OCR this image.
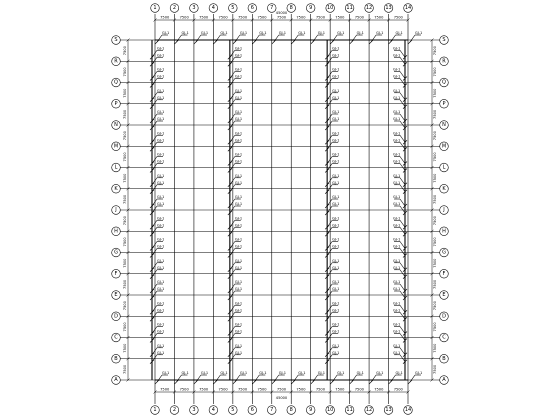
7500	7500	7500	7500	7500	7500	7500	7500	7500	7500	7500	7500	7500
7500	7500	7500	7500	7500	7500	7500	7500	7500	7500	7500	7500	7500
45000
45000
7500
7500
7500
7500
7500
7500
7500
7500
7500
7500
7500
7500
7500
7500
7500
7500
7500
7500
7500
7500
7500
7500
7500
7500
7500
7500
7500
7500
7500
7500
7500
7500
1
1
2
2
3
3
4
4
5
5
6
6
7
7
8
8
9
9
10
10
11
11
12
12
13
13
14
14
A	A
B	B
C	C
D	D
E	E
F	F
G	G
H	H
J	J
K	K
L	L
M	M
N	N
P	P
Q	Q
R	R
S	S
GJ-1
GJ-1
GJ-1
GJ-1
GJ-1
GJ-1
GJ-1
GJ-1
GJ-1
GJ-1
GJ-1
GJ-1
GJ-1
GJ-1
GJ-1
GJ-1
GJ-1
GJ-1
GJ-1
GJ-1
GJ-1
GJ-1
GJ-1
GJ-1
GJ-1
GJ-1
GJ-1
GJ-1
GJ-1
GJ-1
GJ-1
GJ-1
GJ-1
GJ-1
GJ-1
GJ-1
GJ-1
GJ-1
GJ-1
GJ-1
GJ-1
GJ-1
GJ-1
GJ-1
GJ-1
GJ-1
GJ-1
GJ-1
GJ-1
GJ-1
GJ-1
GJ-1
GJ-1
GJ-1
GJ-1
GJ-1
GJ-1
GJ-1
GJ-1
GJ-1
GJ-1
GJ-1
GJ-1
GJ-1
GJ-1
GJ-1
GJ-1
GJ-1
GJ-1
GJ-1
GJ-1
GJ-1
GJ-1
GJ-1
GJ-1
GJ-1
GJ-1
GJ-1
GJ-1
GJ-1
GJ-1
GJ-1
GJ-1
GJ-1
GJ-1
GJ-1
GJ-1
GJ-1
GJ-1
GJ-1
GJ-1
GJ-1
GJ-1
GJ-1
GJ-1
GJ-1
GJ-1
GJ-1
GJ-1
GJ-1
GJ-1
GJ-1
GJ-1
GJ-1
GJ-1
GJ-1
GJ-1
GJ-1
GJ-1
GJ-1
GJ-1
GJ-1
GJ-1
GJ-1
GJ-1
GJ-1
GJ-1
GJ-1
GJ-1
GJ-1
GJ-1
GJ-1
GJ-1
GJ-1
GJ-1
GJ-1
GJ-1
GJ-1
GJ-1
GJ-1
GJ-1
GJ-1
GJ-1
GJ-1
GJ-1
GJ-1
GJ-1
GJ-1
GJ-1
GJ-1
GJ-1
GJ-1
GJ-1
GJ-1
GJ-1
GJ-1
GJ-1
GJ-1
